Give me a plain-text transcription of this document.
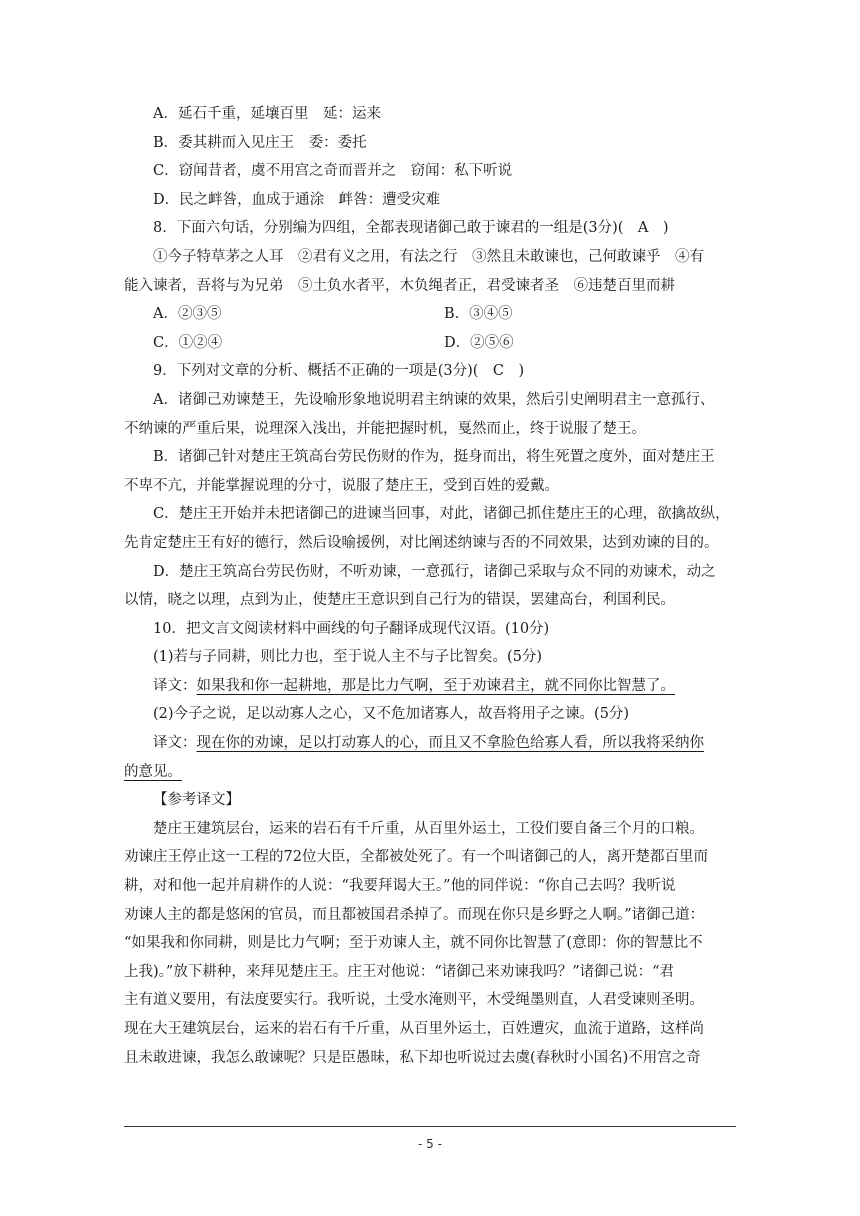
A．延石千重，延壤百里　延：运来
B．委其耕而入见庄王　委：委托
C．窃闻昔者，虞不用宫之奇而晋并之　窃闻：私下听说
D．民之衅咎，血成于通涂　衅咎：遭受灾难
8．下面六句话，分别编为四组，全都表现诸御己敢于谏君的一组是(3分)(　A　)
①今子特草茅之人耳　②君有义之用，有法之行　③然且未敢谏也，己何敢谏乎　④有
能入谏者，吾将与为兄弟　⑤土负水者平，木负绳者正，君受谏者圣　⑥违楚百里而耕
A．②③⑤	B．③④⑤
C．①②④	D．②⑤⑥
9．下列对文章的分析、概括不正确的一项是(3分)(　C　)
A．诸御己劝谏楚王，先设喻形象地说明君主纳谏的效果，然后引史阐明君主一意孤行、
不纳谏的严重后果，说理深入浅出，并能把握时机，戛然而止，终于说服了楚王。
B．诸御己针对楚庄王筑高台劳民伤财的作为，挺身而出，将生死置之度外，面对楚庄王
不卑不亢，并能掌握说理的分寸，说服了楚庄王，受到百姓的爱戴。
C．楚庄王开始并未把诸御己的进谏当回事，对此，诸御己抓住楚庄王的心理，欲擒故纵，
先肯定楚庄王有好的德行，然后设喻援例，对比阐述纳谏与否的不同效果，达到劝谏的目的。
D．楚庄王筑高台劳民伤财，不听劝谏，一意孤行，诸御己采取与众不同的劝谏术，动之
以情，晓之以理，点到为止，使楚庄王意识到自己行为的错误，罢建高台，利国利民。
10．把文言文阅读材料中画线的句子翻译成现代汉语。(10分)
(1)若与子同耕，则比力也，至于说人主不与子比智矣。(5分)
译文：如果我和你一起耕地，那是比力气啊，至于劝谏君主，就不同你比智慧了。
(2)今子之说，足以动寡人之心，又不危加诸寡人，故吾将用子之谏。(5分)
译文：现在你的劝谏，足以打动寡人的心，而且又不拿脸色给寡人看，所以我将采纳你
的意见。
【参考译文】
楚庄王建筑层台，运来的岩石有千斤重，从百里外运土，工役们要自备三个月的口粮。
劝谏庄王停止这一工程的72位大臣，全都被处死了。有一个叫诸御己的人，离开楚都百里而
耕，对和他一起并肩耕作的人说：“我要拜谒大王。”他的同伴说：“你自己去吗？我听说
劝谏人主的都是悠闲的官员，而且都被国君杀掉了。而现在你只是乡野之人啊。”诸御己道：
“如果我和你同耕，则是比力气啊；至于劝谏人主，就不同你比智慧了(意即：你的智慧比不
上我)。”放下耕种，来拜见楚庄王。庄王对他说：“诸御己来劝谏我吗？”诸御己说：“君
主有道义要用，有法度要实行。我听说，土受水淹则平，木受绳墨则直，人君受谏则圣明。
现在大王建筑层台，运来的岩石有千斤重，从百里外运土，百姓遭灾，血流于道路，这样尚
且未敢进谏，我怎么敢谏呢？只是臣愚昧，私下却也听说过去虞(春秋时小国名)不用宫之奇
- 5 -
